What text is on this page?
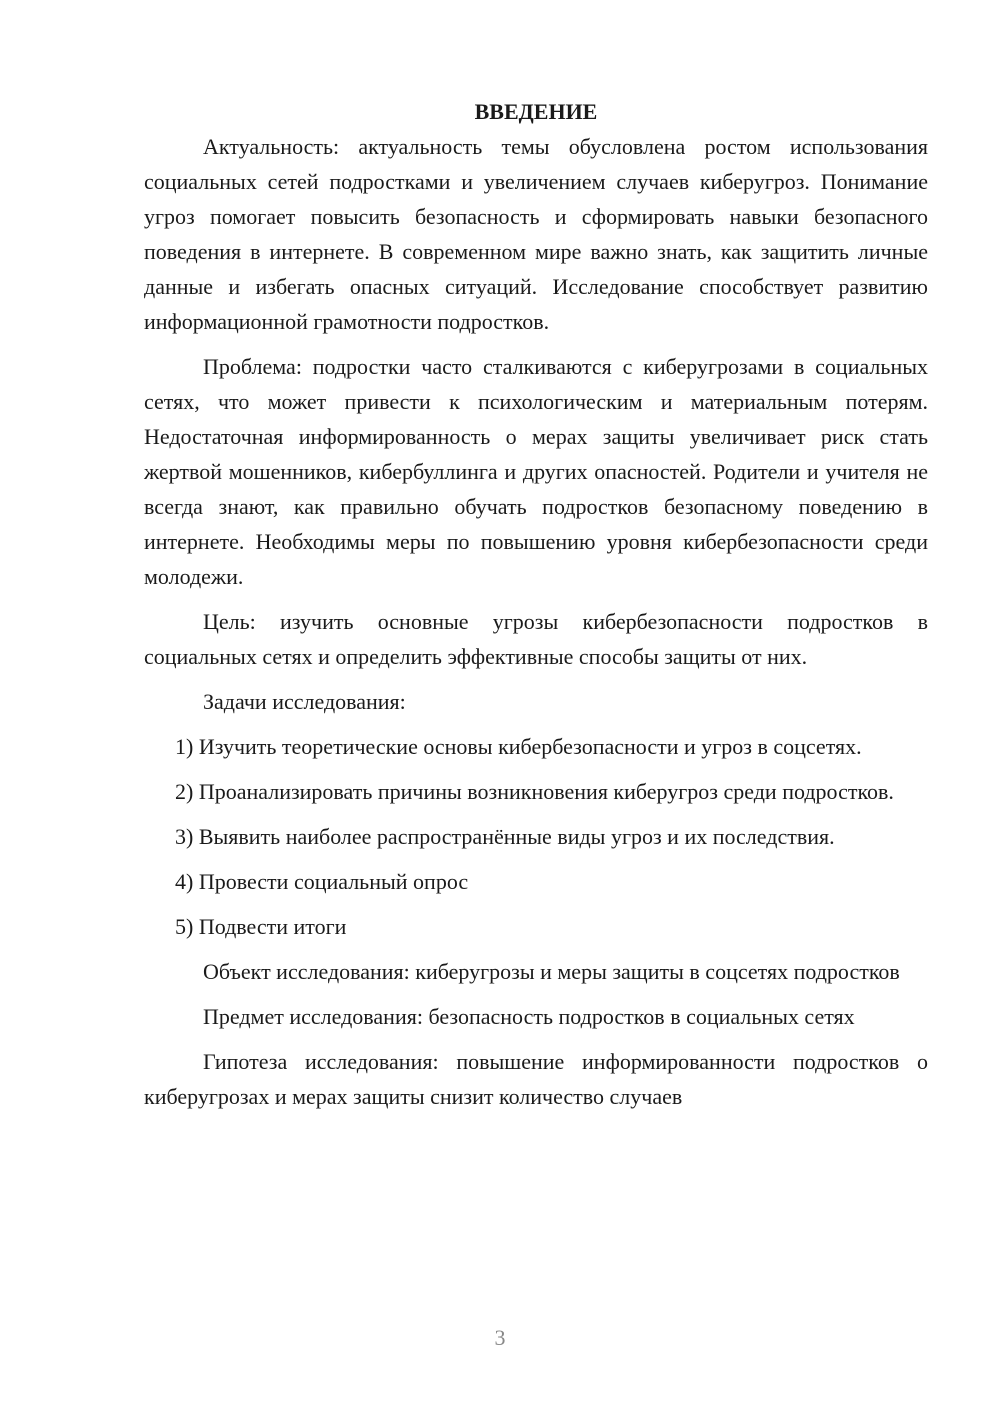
ВВЕДЕНИЕ

Актуальность: актуальность темы обусловлена ростом использования социальных сетей подростками и увеличением случаев киберугроз. Понимание угроз помогает повысить безопасность и сформировать навыки безопасного поведения в интернете. В современном мире важно знать, как защитить личные данные и избегать опасных ситуаций. Исследование способствует развитию информационной грамотности подростков.

Проблема: подростки часто сталкиваются с киберугрозами в социальных сетях, что может привести к психологическим и материальным потерям. Недостаточная информированность о мерах защиты увеличивает риск стать жертвой мошенников, кибербуллинга и других опасностей. Родители и учителя не всегда знают, как правильно обучать подростков безопасному поведению в интернете. Необходимы меры по повышению уровня кибербезопасности среди молодежи.

Цель: изучить основные угрозы кибербезопасности подростков в социальных сетях и определить эффективные способы защиты от них.

Задачи исследования:

1) Изучить теоретические основы кибербезопасности и угроз в соцсетях.

2) Проанализировать причины возникновения киберугроз среди подростков.

3) Выявить наиболее распространённые виды угроз и их последствия.

4) Провести социальный опрос

5) Подвести итоги

Объект исследования: киберугрозы и меры защиты в соцсетях подростков

Предмет исследования: безопасность подростков в социальных сетях

Гипотеза исследования: повышение информированности подростков о киберугрозах и мерах защиты снизит количество случаев

3
